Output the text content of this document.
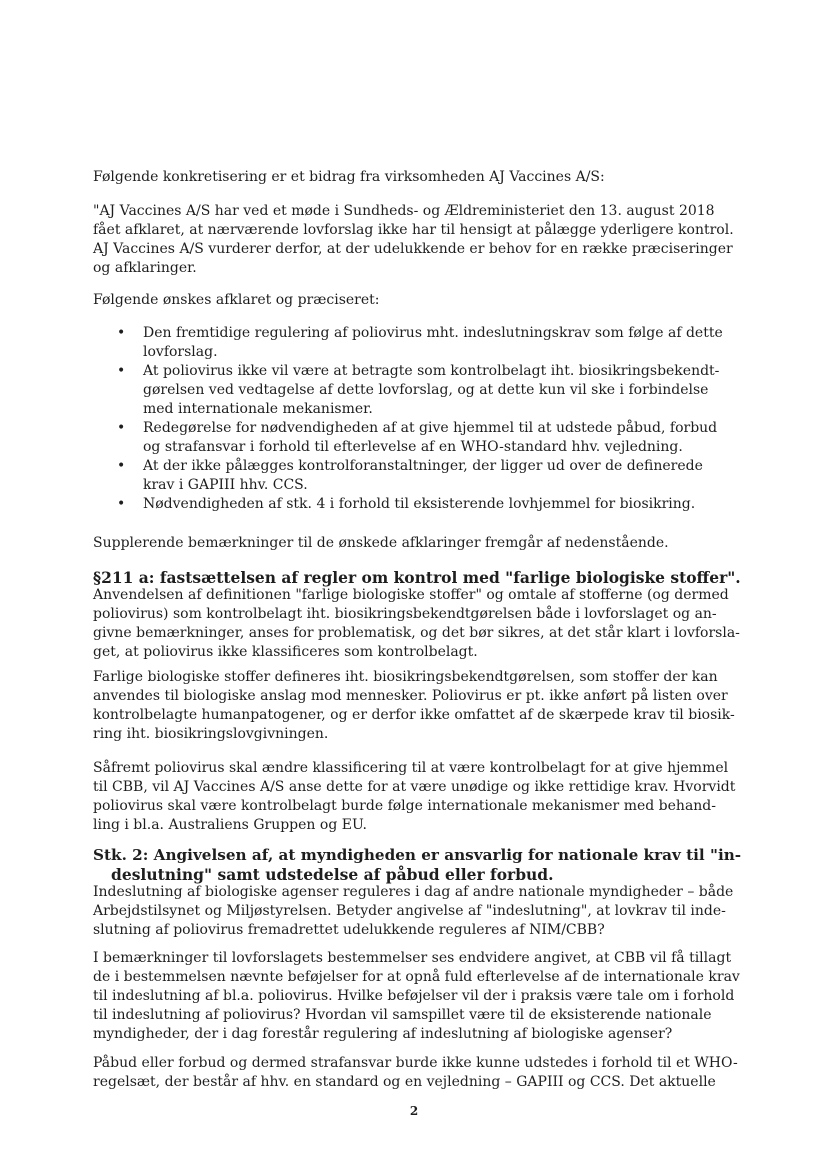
Følgende konkretisering er et bidrag fra virksomheden AJ Vaccines A/S:
"AJ Vaccines A/S har ved et møde i Sundheds- og Ældreministeriet den 13. august 2018
fået afklaret, at nærværende lovforslag ikke har til hensigt at pålægge yderligere kontrol.
AJ Vaccines A/S vurderer derfor, at der udelukkende er behov for en række præciseringer
og afklaringer.
Følgende ønskes afklaret og præciseret:
• Den fremtidige regulering af poliovirus mht. indeslutningskrav som følge af dette
lovforslag.
• At poliovirus ikke vil være at betragte som kontrolbelagt iht. biosikringsbekendt-
gørelsen ved vedtagelse af dette lovforslag, og at dette kun vil ske i forbindelse
med internationale mekanismer.
• Redegørelse for nødvendigheden af at give hjemmel til at udstede påbud, forbud
og strafansvar i forhold til efterlevelse af en WHO-standard hhv. vejledning.
• At der ikke pålægges kontrolforanstaltninger, der ligger ud over de definerede
krav i GAPIII hhv. CCS.
• Nødvendigheden af stk. 4 i forhold til eksisterende lovhjemmel for biosikring.
Supplerende bemærkninger til de ønskede afklaringer fremgår af nedenstående.
§211 a: fastsættelsen af regler om kontrol med "farlige biologiske stoffer".
Anvendelsen af definitionen "farlige biologiske stoffer" og omtale af stofferne (og dermed
poliovirus) som kontrolbelagt iht. biosikringsbekendtgørelsen både i lovforslaget og an-
givne bemærkninger, anses for problematisk, og det bør sikres, at det står klart i lovforsla-
get, at poliovirus ikke klassificeres som kontrolbelagt.
Farlige biologiske stoffer defineres iht. biosikringsbekendtgørelsen, som stoffer der kan
anvendes til biologiske anslag mod mennesker. Poliovirus er pt. ikke anført på listen over
kontrolbelagte humanpatogener, og er derfor ikke omfattet af de skærpede krav til biosik-
ring iht. biosikringslovgivningen.
Såfremt poliovirus skal ændre klassificering til at være kontrolbelagt for at give hjemmel
til CBB, vil AJ Vaccines A/S anse dette for at være unødige og ikke rettidige krav. Hvorvidt
poliovirus skal være kontrolbelagt burde følge internationale mekanismer med behand-
ling i bl.a. Australiens Gruppen og EU.
Stk. 2: Angivelsen af, at myndigheden er ansvarlig for nationale krav til "in-
deslutning" samt udstedelse af påbud eller forbud.
Indeslutning af biologiske agenser reguleres i dag af andre nationale myndigheder – både
Arbejdstilsynet og Miljøstyrelsen. Betyder angivelse af "indeslutning", at lovkrav til inde-
slutning af poliovirus fremadrettet udelukkende reguleres af NIM/CBB?
I bemærkninger til lovforslagets bestemmelser ses endvidere angivet, at CBB vil få tillagt
de i bestemmelsen nævnte beføjelser for at opnå fuld efterlevelse af de internationale krav
til indeslutning af bl.a. poliovirus. Hvilke beføjelser vil der i praksis være tale om i forhold
til indeslutning af poliovirus? Hvordan vil samspillet være til de eksisterende nationale
myndigheder, der i dag forestår regulering af indeslutning af biologiske agenser?
Påbud eller forbud og dermed strafansvar burde ikke kunne udstedes i forhold til et WHO-
regelsæt, der består af hhv. en standard og en vejledning – GAPIII og CCS. Det aktuelle
2
